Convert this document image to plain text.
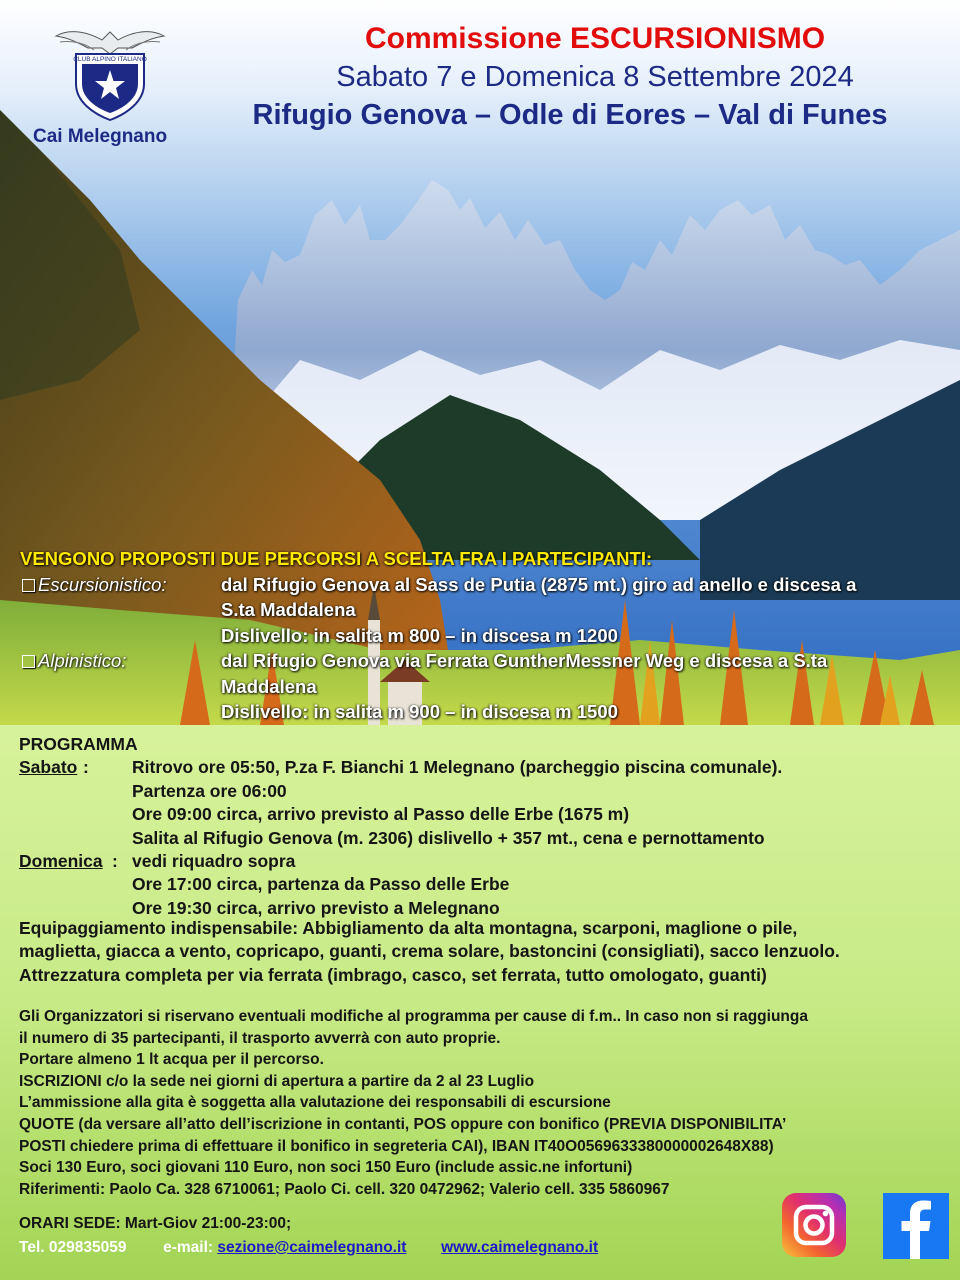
CLUB ALPINO ITALIANO
Cai Melegnano
Commissione ESCURSIONISMO
Sabato 7 e Domenica 8 Settembre 2024
Rifugio Genova – Odle di Eores – Val di Funes
VENGONO PROPOSTI DUE PERCORSI A SCELTA FRA I PARTECIPANTI:
Escursionistico:	dal Rifugio Genova al Sass de Putia (2875 mt.) giro ad anello e discesa a
S.ta Maddalena
Dislivello: in salita m 800 – in discesa m 1200
Alpinistico:	dal Rifugio Genova via Ferrata GuntherMessner Weg e discesa a S.ta
Maddalena
Dislivello: in salita m 900 – in discesa m 1500
PROGRAMMA
Sabato : Ritrovo ore 05:50, P.za F. Bianchi 1 Melegnano (parcheggio piscina comunale).
Partenza ore 06:00
Ore 09:00 circa, arrivo previsto al Passo delle Erbe (1675 m)
Salita al Rifugio Genova (m. 2306) dislivello + 357 mt., cena e pernottamento
Domenica : vedi riquadro sopra
Ore 17:00 circa, partenza da Passo delle Erbe
Ore 19:30 circa, arrivo previsto a Melegnano
Equipaggiamento indispensabile: Abbigliamento da alta montagna, scarponi, maglione o pile,
maglietta, giacca a vento, copricapo, guanti, crema solare, bastoncini (consigliati), sacco lenzuolo.
Attrezzatura completa per via ferrata (imbrago, casco, set ferrata, tutto omologato, guanti)
Gli Organizzatori si riservano eventuali modifiche al programma per cause di f.m.. In caso non si raggiunga
il numero di 35 partecipanti, il trasporto avverrà con auto proprie.
Portare almeno 1 lt acqua per il percorso.
ISCRIZIONI c/o la sede nei giorni di apertura a partire da 2 al 23 Luglio
L’ammissione alla gita è soggetta alla valutazione dei responsabili di escursione
QUOTE (da versare all’atto dell’iscrizione in contanti, POS oppure con bonifico (PREVIA DISPONIBILITA’
POSTI chiedere prima di effettuare il bonifico in segreteria CAI), IBAN IT40O0569633380000002648X88)
Soci 130 Euro, soci giovani 110 Euro, non soci 150 Euro (include assic.ne infortuni)
Riferimenti: Paolo Ca. 328 6710061; Paolo Ci. cell. 320 0472962; Valerio cell. 335 5860967
ORARI SEDE: Mart-Giov 21:00-23:00;
Tel. 029835059 e-mail: sezione@caimelegnano.it www.caimelegnano.it
